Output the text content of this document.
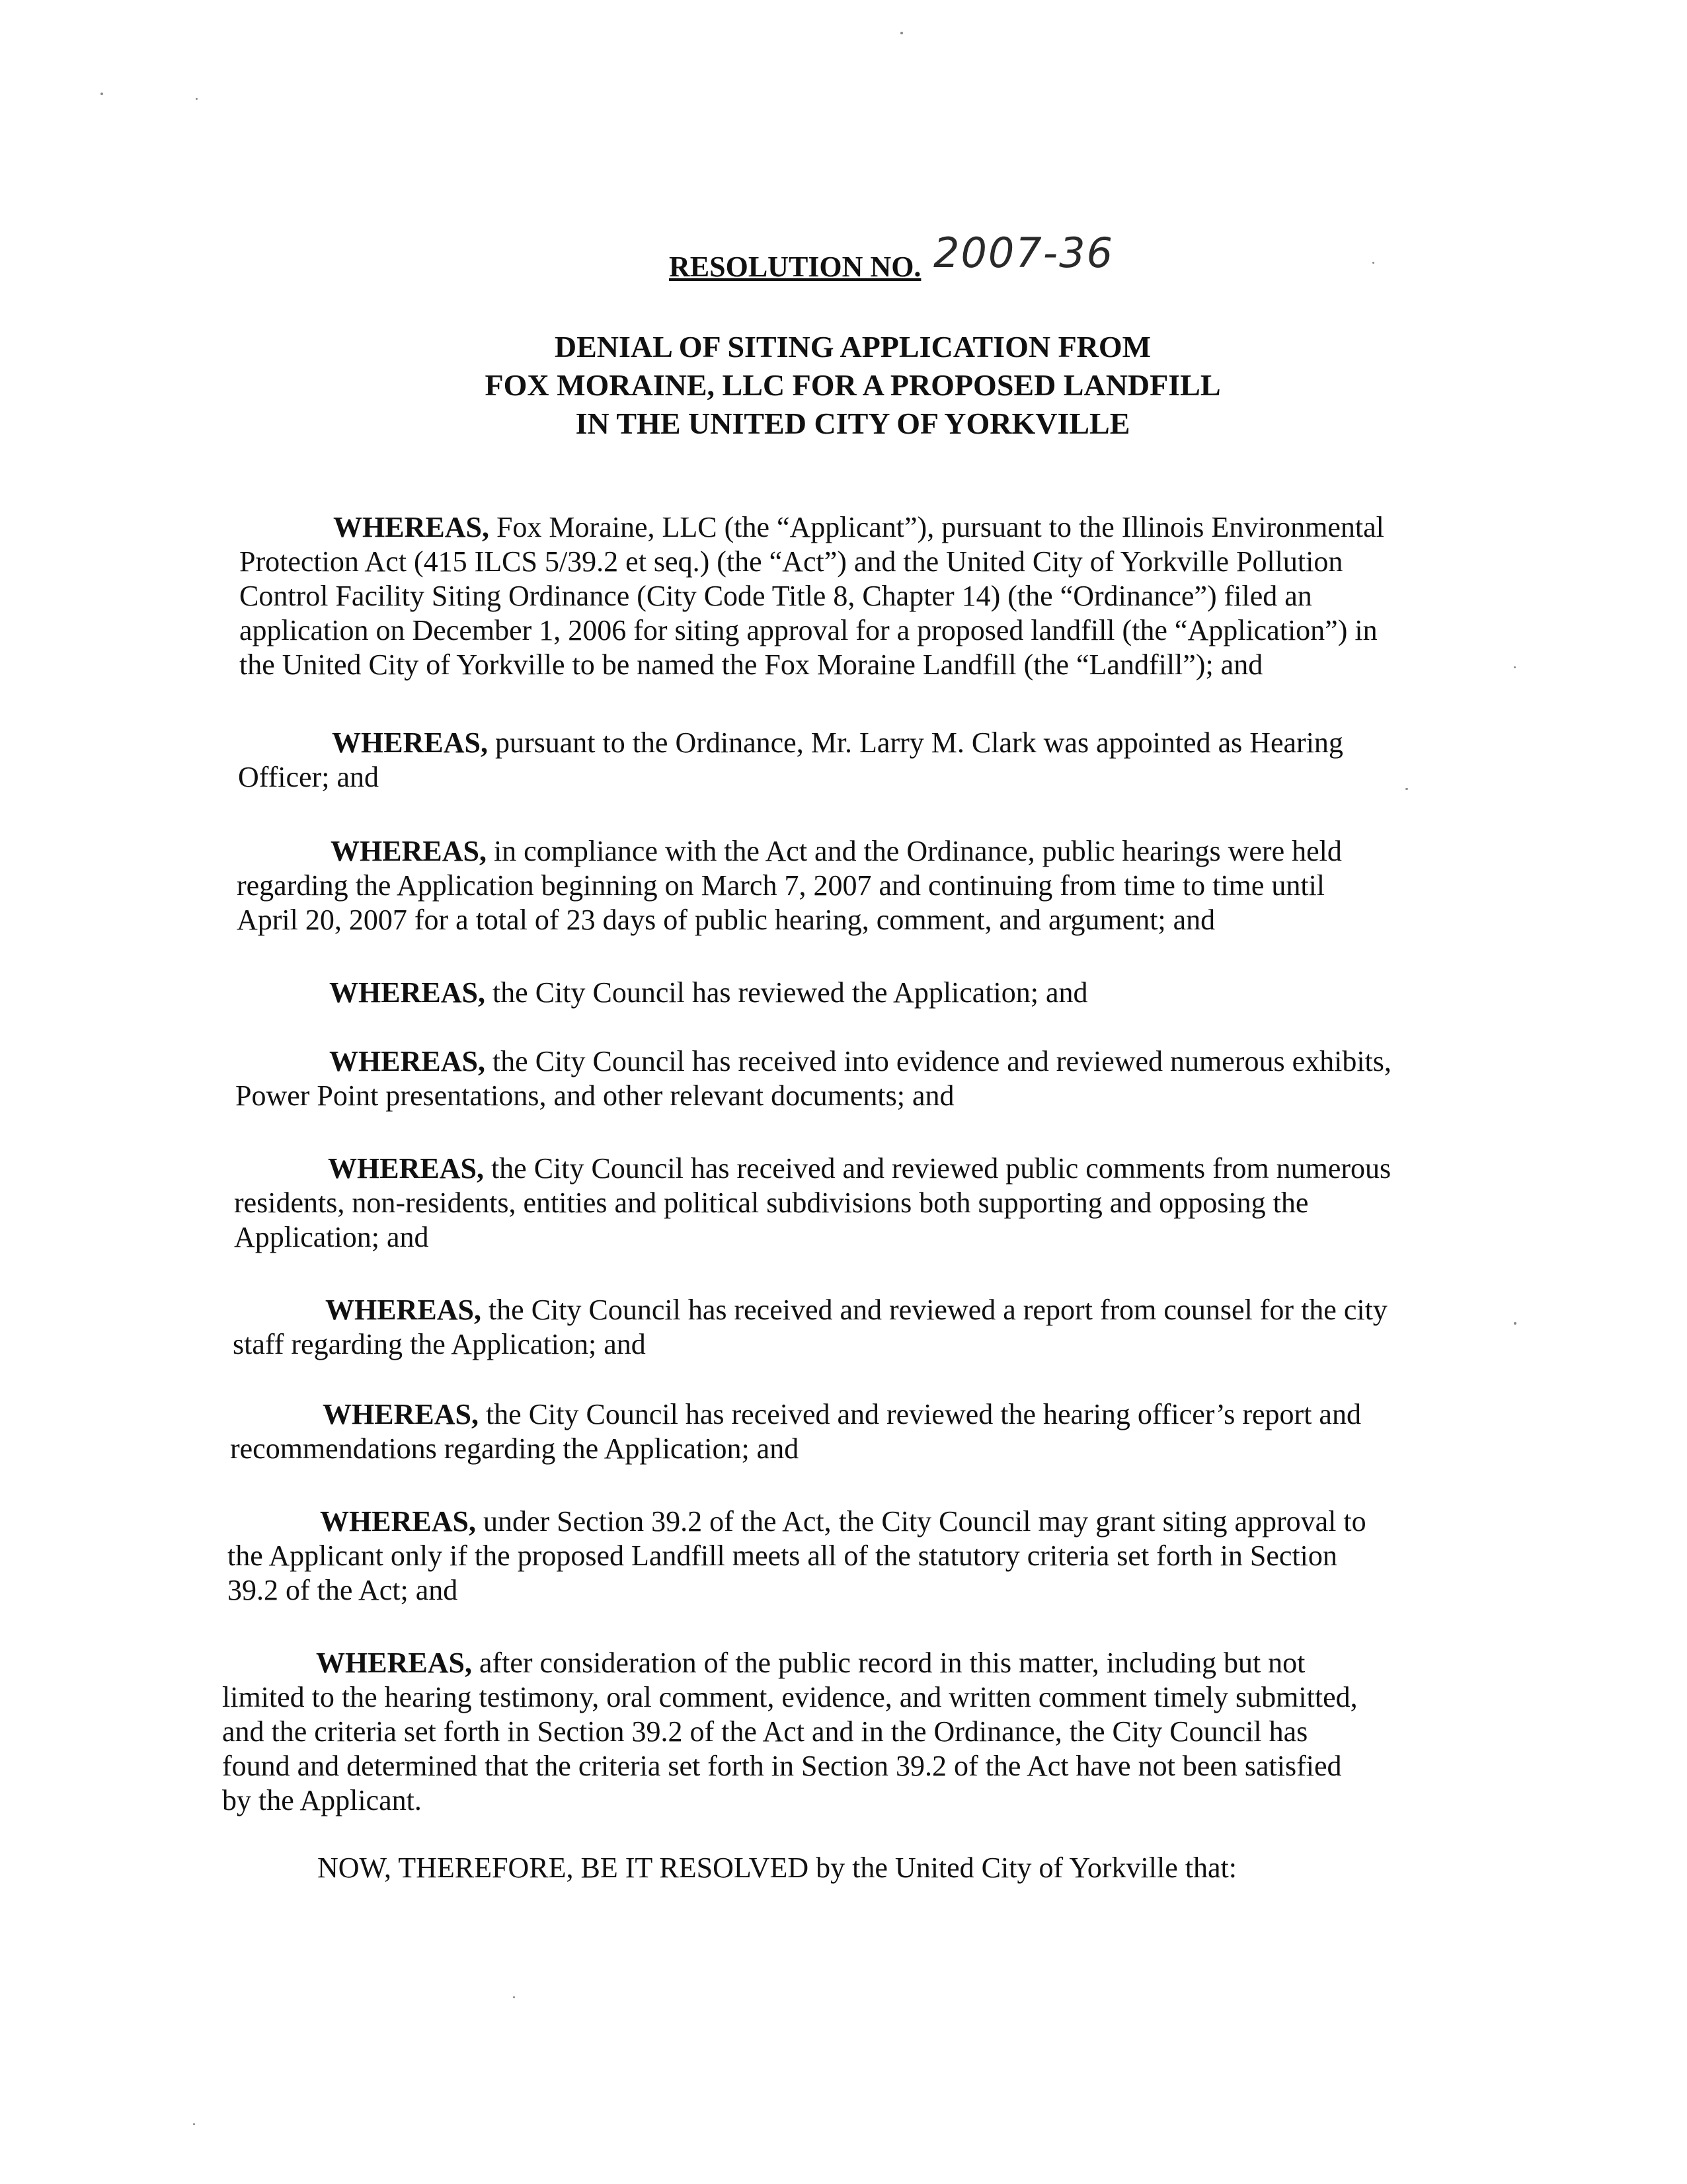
RESOLUTION NO. 2007-36
DENIAL OF SITING APPLICATION FROM
FOX MORAINE, LLC FOR A PROPOSED LANDFILL
IN THE UNITED CITY OF YORKVILLE
WHEREAS, Fox Moraine, LLC (the “Applicant”), pursuant to the Illinois Environmental
Protection Act (415 ILCS 5/39.2 et seq.) (the “Act”) and the United City of Yorkville Pollution
Control Facility Siting Ordinance (City Code Title 8, Chapter 14) (the “Ordinance”) filed an
application on December 1, 2006 for siting approval for a proposed landfill (the “Application”) in
the United City of Yorkville to be named the Fox Moraine Landfill (the “Landfill”); and
WHEREAS, pursuant to the Ordinance, Mr. Larry M. Clark was appointed as Hearing
Officer; and
WHEREAS, in compliance with the Act and the Ordinance, public hearings were held
regarding the Application beginning on March 7, 2007 and continuing from time to time until
April 20, 2007 for a total of 23 days of public hearing, comment, and argument; and
WHEREAS, the City Council has reviewed the Application; and
WHEREAS, the City Council has received into evidence and reviewed numerous exhibits,
Power Point presentations, and other relevant documents; and
WHEREAS, the City Council has received and reviewed public comments from numerous
residents, non-residents, entities and political subdivisions both supporting and opposing the
Application; and
WHEREAS, the City Council has received and reviewed a report from counsel for the city
staff regarding the Application; and
WHEREAS, the City Council has received and reviewed the hearing officer’s report and
recommendations regarding the Application; and
WHEREAS, under Section 39.2 of the Act, the City Council may grant siting approval to
the Applicant only if the proposed Landfill meets all of the statutory criteria set forth in Section
39.2 of the Act; and
WHEREAS, after consideration of the public record in this matter, including but not
limited to the hearing testimony, oral comment, evidence, and written comment timely submitted,
and the criteria set forth in Section 39.2 of the Act and in the Ordinance, the City Council has
found and determined that the criteria set forth in Section 39.2 of the Act have not been satisfied
by the Applicant.
NOW, THEREFORE, BE IT RESOLVED by the United City of Yorkville that:
